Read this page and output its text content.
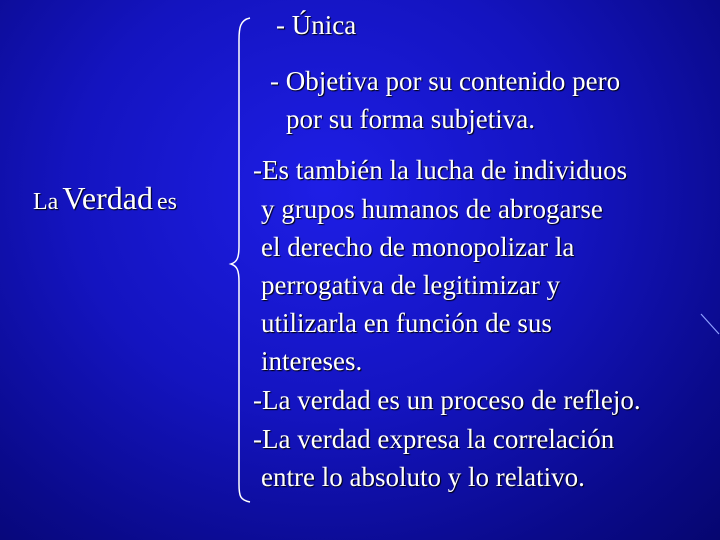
La Verdad es
- Única
- Objetiva por su contenido pero
por su forma subjetiva.
-Es también la lucha de individuos
y grupos humanos de abrogarse
el derecho de monopolizar la
perrogativa de legitimizar y
utilizarla en función de sus
intereses.
-La verdad es un proceso de reflejo.
-La verdad expresa la correlación
entre lo absoluto y lo relativo.
